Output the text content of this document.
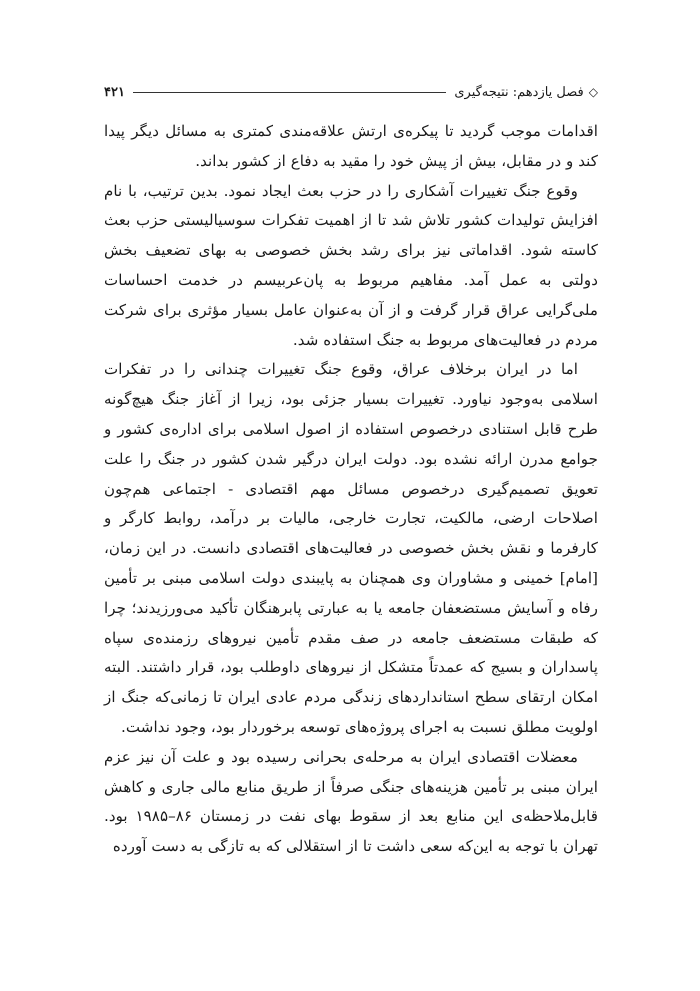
◇
فصل یازدهم: نتیجه‌گیری
۴۲۱

اقدامات موجب گردید تا پیکره‌ی ارتش علاقه‌مندی کمتری به مسائل دیگر پیدا کند و در مقابل، بیش از پیش خود را مقید به دفاع از کشور بداند.

وقوع جنگ تغییرات آشکاری را در حزب بعث ایجاد نمود. بدین ترتیب، با نام افزایش تولیدات کشور تلاش شد تا از اهمیت تفکرات سوسیالیستی حزب بعث کاسته شود. اقداماتی نیز برای رشد بخش خصوصی به بهای تضعیف بخش دولتی به عمل آمد. مفاهیم مربوط به پان‌عربیسم در خدمت احساسات ملی‌گرایی عراق قرار گرفت و از آن به‌عنوان عامل بسیار مؤثری برای شرکت مردم در فعالیت‌های مربوط به جنگ استفاده شد.

اما در ایران برخلاف عراق، وقوع جنگ تغییرات چندانی را در تفکرات اسلامی به‌وجود نیاورد. تغییرات بسیار جزئی بود، زیرا از آغاز جنگ هیچ‌گونه طرح قابل استنادی درخصوص استفاده از اصول اسلامی برای اداره‌ی کشور و جوامع مدرن ارائه نشده بود. دولت ایران درگیر شدن کشور در جنگ را علت تعویق تصمیم‌گیری درخصوص مسائل مهم اقتصادی - اجتماعی هم‌چون اصلاحات ارضی، مالکیت، تجارت خارجی، مالیات بر درآمد، روابط کارگر و کارفرما و نقش بخش خصوصی در فعالیت‌های اقتصادی دانست. در این زمان، [امام] خمینی و مشاوران وی همچنان به پایبندی دولت اسلامی مبنی بر تأمین رفاه و آسایش مستضعفان جامعه یا به عبارتی پابرهنگان تأکید می‌ورزیدند؛ چرا که طبقات مستضعف جامعه در صف مقدم تأمین نیروهای رزمنده‌ی سپاه پاسداران و بسیج که عمدتاً متشکل از نیروهای داوطلب بود، قرار داشتند. البته امکان ارتقای سطح استانداردهای زندگی مردم عادی ایران تا زمانی‌که جنگ از اولویت مطلق نسبت به اجرای پروژه‌های توسعه برخوردار بود، وجود نداشت.

معضلات اقتصادی ایران به مرحله‌ی بحرانی رسیده بود و علت آن نیز عزم ایران مبنی بر تأمین هزینه‌های جنگی صرفاً از طریق منابع مالی جاری و کاهش قابل‌ملاحظه‌ی این منابع بعد از سقوط بهای نفت در زمستان ۸۶–۱۹۸۵ بود. تهران با توجه به این‌که سعی داشت تا از استقلالی که به تازگی به دست آورده
